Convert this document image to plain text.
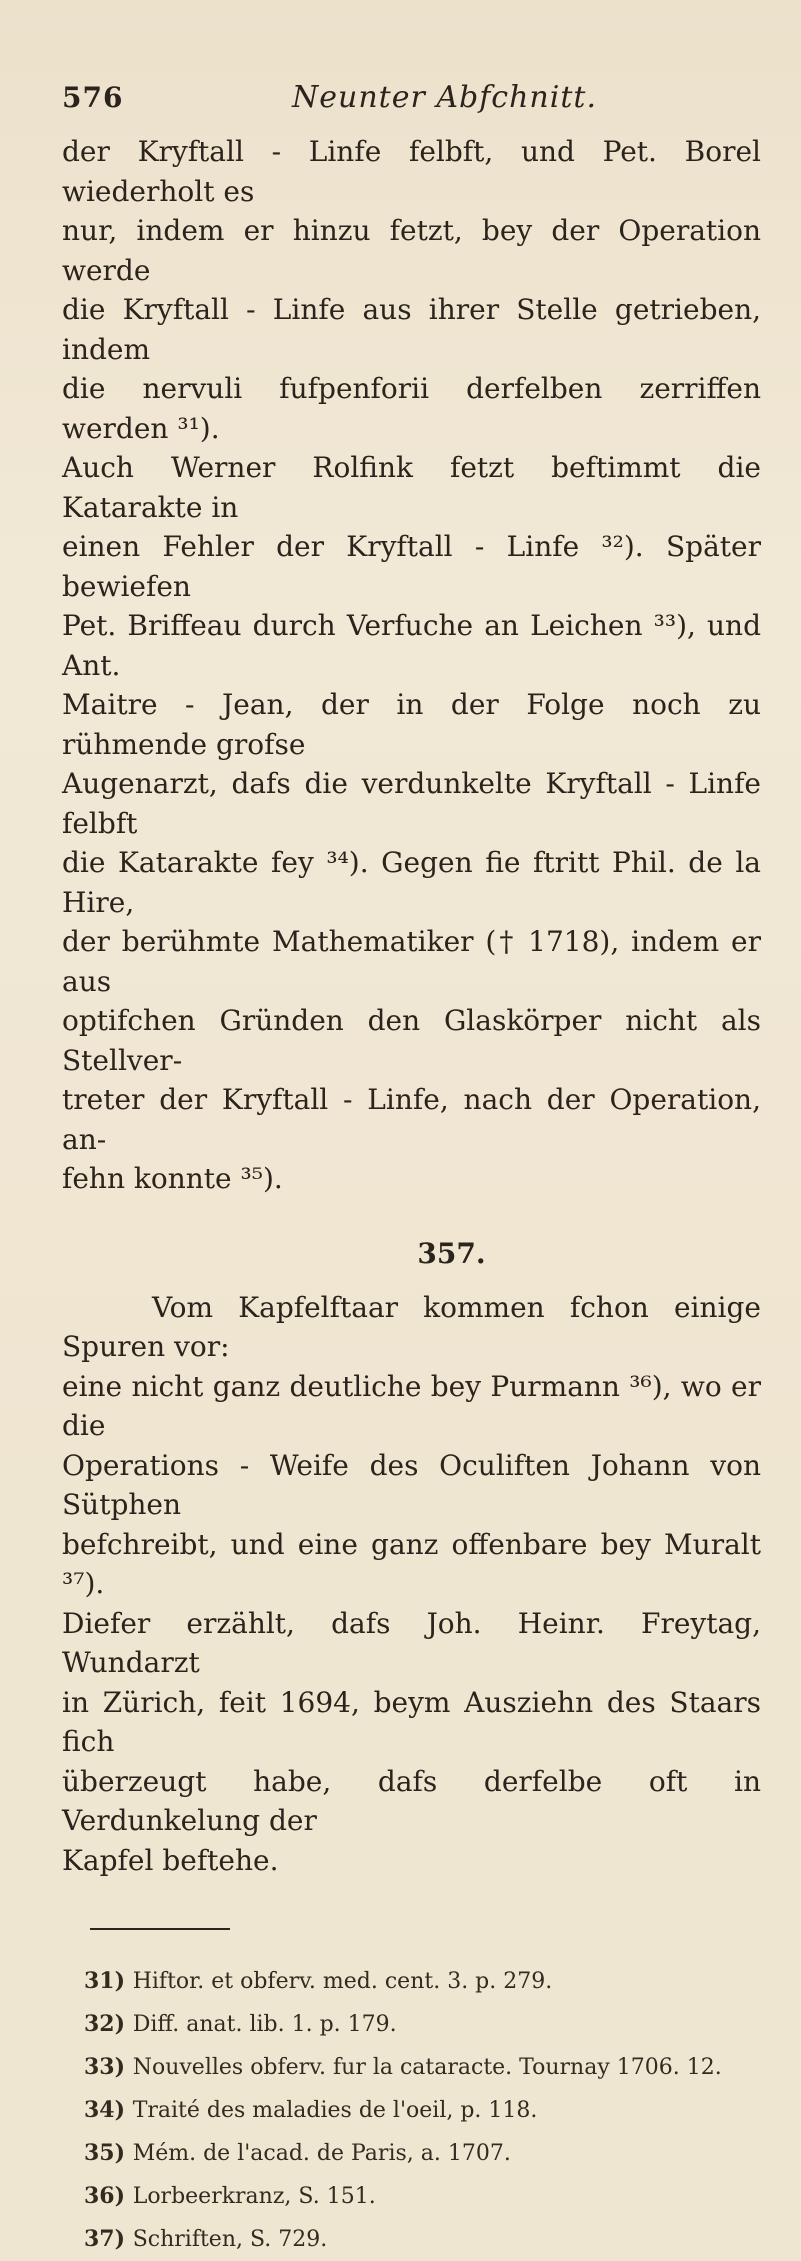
576	Neunter Abfchnitt.

der Kryftall - Linfe felbft, und Pet. Borel wiederholt es
nur, indem er hinzu fetzt, bey der Operation werde
die Kryftall - Linfe aus ihrer Stelle getrieben, indem
die nervuli fufpenforii derfelben zerriffen werden ³¹).
Auch Werner Rolfink fetzt beftimmt die Katarakte in
einen Fehler der Kryftall - Linfe ³²). Später bewiefen
Pet. Briffeau durch Verfuche an Leichen ³³), und Ant.
Maitre - Jean, der in der Folge noch zu rühmende grofse
Augenarzt, dafs die verdunkelte Kryftall - Linfe felbft
die Katarakte fey ³⁴). Gegen fie ftritt Phil. de la Hire,
der berühmte Mathematiker († 1718), indem er aus
optifchen Gründen den Glaskörper nicht als Stellver-
treter der Kryftall - Linfe, nach der Operation, an-
fehn konnte ³⁵).

357.

Vom Kapfelftaar kommen fchon einige Spuren vor:
eine nicht ganz deutliche bey Purmann ³⁶), wo er die
Operations - Weife des Oculiften Johann von Sütphen
befchreibt, und eine ganz offenbare bey Muralt ³⁷).
Diefer erzählt, dafs Joh. Heinr. Freytag, Wundarzt
in Zürich, feit 1694, beym Ausziehn des Staars fich
überzeugt habe, dafs derfelbe oft in Verdunkelung der
Kapfel beftehe.

31) Hiftor. et obferv. med. cent. 3. p. 279.
32) Diff. anat. lib. 1. p. 179.
33) Nouvelles obferv. fur la cataracte. Tournay 1706. 12.
34) Traité des maladies de l'oeil, p. 118.
35) Mém. de l'acad. de Paris, a. 1707.
36) Lorbeerkranz, S. 151.
37) Schriften, S. 729.
